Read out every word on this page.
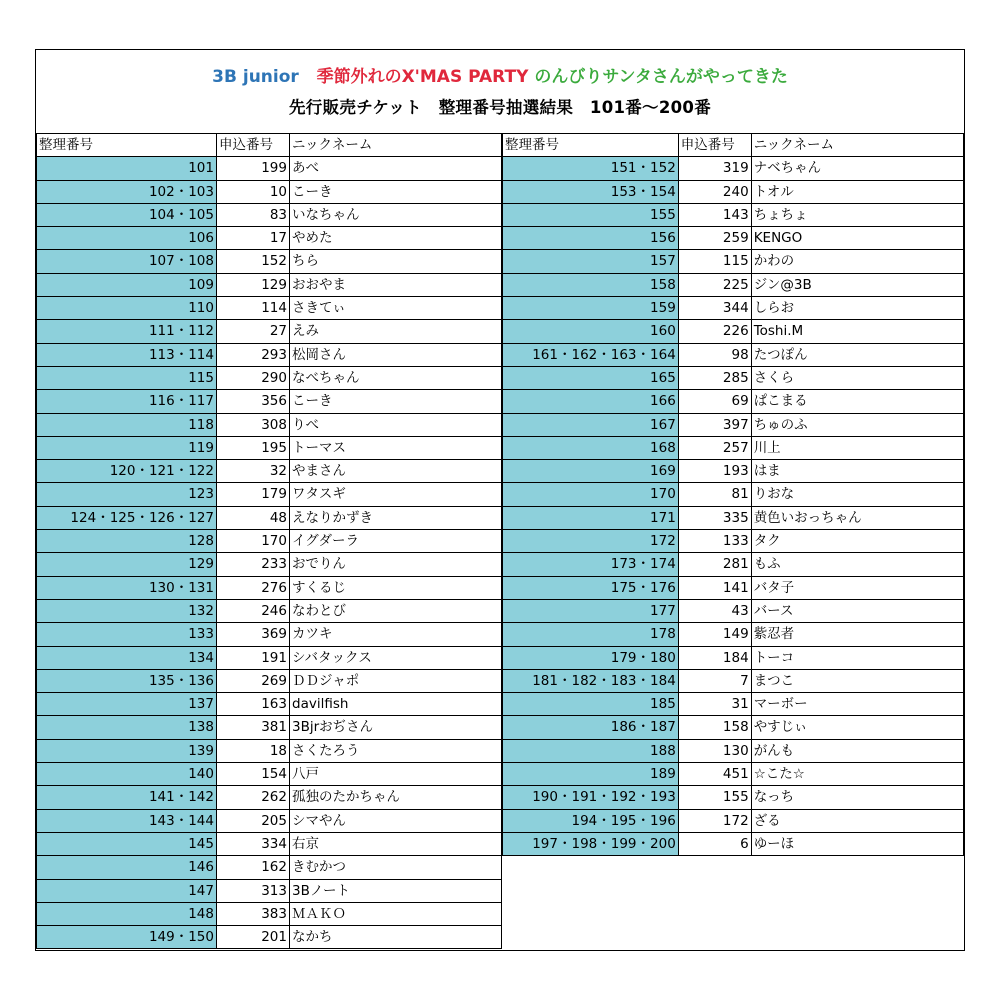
3B junior 季節外れのX'MAS PARTY のんびりサンタさんがやってきた
先行販売チケット　整理番号抽選結果　101番～200番
整理番号	申込番号	ニックネーム
101	199	あべ
102・103	10	こーき
104・105	83	いなちゃん
106	17	やめた
107・108	152	ちら
109	129	おおやま
110	114	さきてぃ
111・112	27	えみ
113・114	293	松岡さん
115	290	なべちゃん
116・117	356	こーき
118	308	りべ
119	195	トーマス
120・121・122	32	やまさん
123	179	ワタスギ
124・125・126・127	48	えなりかずき
128	170	イグダーラ
129	233	おでりん
130・131	276	すくるじ
132	246	なわとび
133	369	カツキ
134	191	シバタックス
135・136	269	ＤＤジャポ
137	163	davilfish
138	381	3Bjrおぢさん
139	18	さくたろう
140	154	八戸
141・142	262	孤独のたかちゃん
143・144	205	シマやん
145	334	右京
146	162	きむかつ
147	313	3Bノート
148	383	ＭＡＫＯ
149・150	201	なかち
整理番号	申込番号	ニックネーム
151・152	319	ナベちゃん
153・154	240	トオル
155	143	ちょちょ
156	259	KENGO
157	115	かわの
158	225	ジン@3B
159	344	しらお
160	226	Toshi.M
161・162・163・164	98	たつぽん
165	285	さくら
166	69	ぱこまる
167	397	ちゅのふ
168	257	川上
169	193	はま
170	81	りおな
171	335	黄色いおっちゃん
172	133	タク
173・174	281	もふ
175・176	141	バタ子
177	43	バース
178	149	紫忍者
179・180	184	トーコ
181・182・183・184	7	まつこ
185	31	マーボー
186・187	158	やすじぃ
188	130	がんも
189	451	☆こた☆
190・191・192・193	155	なっち
194・195・196	172	ざる
197・198・199・200	6	ゆーほ
